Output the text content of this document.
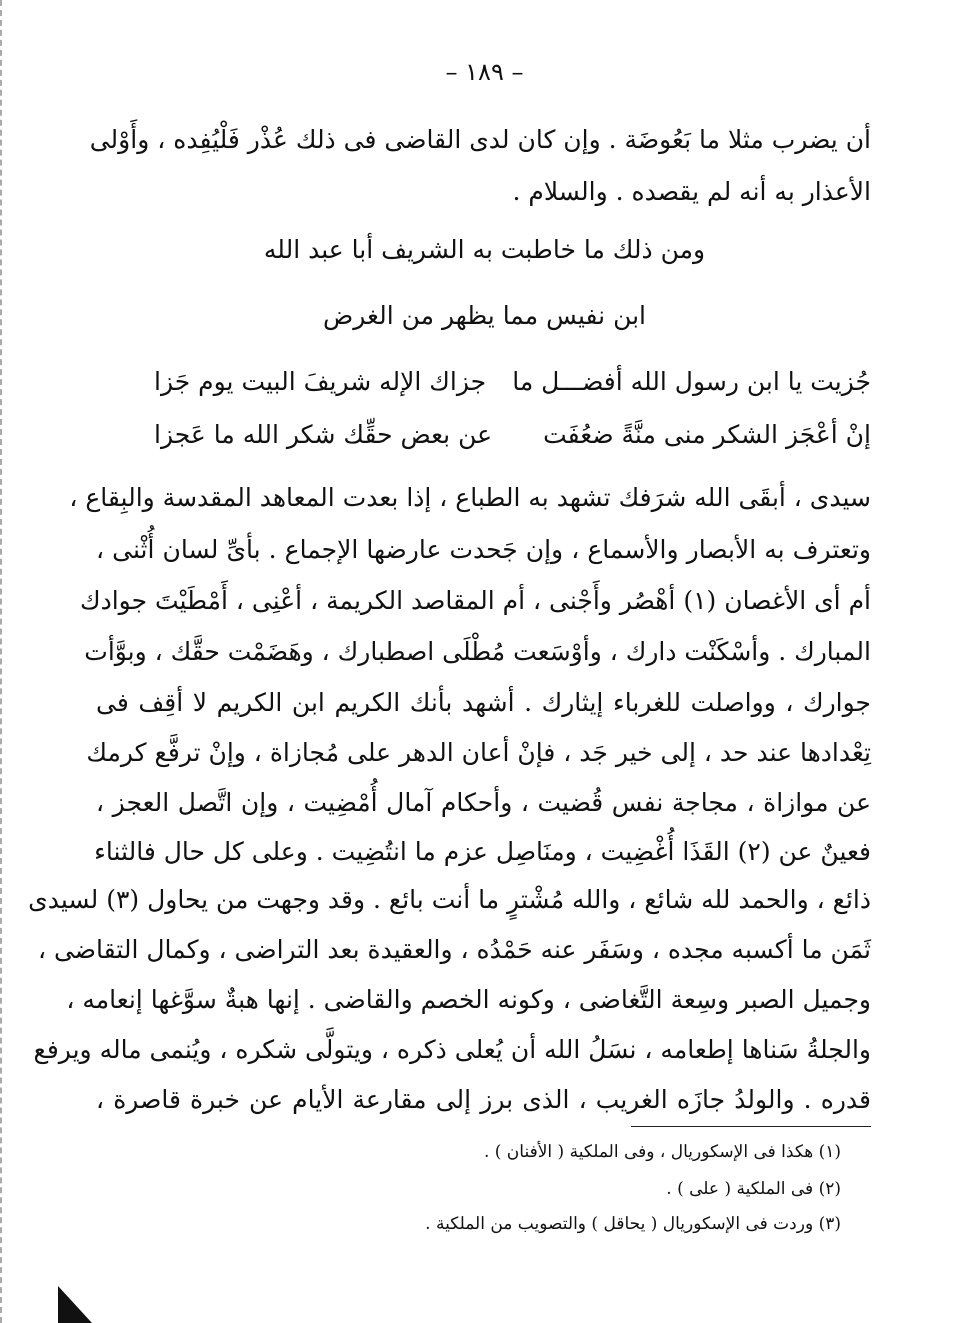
– ١٨٩ –
أن يضرب مثلا ما بَعُوضَة . وإن كان لدى القاضى فى ذلك عُذْر فَلْيُفِده ، وأَوْلى
الأعذار به أنه لم يقصده . والسلام .
ومن ذلك ما خاطبت به الشريف أبا عبد الله
ابن نفيس مما يظهر من الغرض
جُزيت يا ابن رسول الله أفضـــل ما
جزاك الإله شريفَ البيت يوم جَزا
إنْ أعْجَز الشكر منى منَّةً ضعُفَت
عن بعض حقِّك شكر الله ما عَجزا
سيدى ، أبقَى الله شرَفك تشهد به الطباع ، إذا بعدت المعاهد المقدسة والبِقاع ،
وتعترف به الأبصار والأسماع ، وإن جَحدت عارضها الإجماع . بأىِّ لسان أُثْنى ،
أم أى الأغصان (١) أهْصُر وأَجْنى ، أم المقاصد الكريمة ، أعْنِى ، أَمْطَيْتَ جوادك
المبارك . وأسْكَنْت دارك ، وأوْسَعت مُطْلَى اصطبارك ، وهَضَمْت حقَّك ، وبوَّأت
جوارك ، وواصلت للغرباء إيثارك . أشهد بأنك الكريم ابن الكريم لا أقِف فى
تِعْدادها عند حد ، إلى خير جَد ، فإنْ أعان الدهر على مُجازاة ، وإنْ ترفَّع كرمك
عن موازاة ، مجاجة نفس قُضيت ، وأحكام آمال أُمْضِيت ، وإن اتَّصل العجز ،
فعينٌ عن (٢) القَذَا أُغْضِيت ، ومنَاصِل عزم ما انتُضِيت . وعلى كل حال فالثناء
ذائع ، والحمد لله شائع ، والله مُشْترٍ ما أنت بائع . وقد وجهت من يحاول (٣) لسيدى
ثَمَن ما أكسبه مجده ، وسَفَر عنه حَمْدُه ، والعقيدة بعد التراضى ، وكمال التقاضى ،
وجميل الصبر وسِعة التَّغاضى ، وكونه الخصم والقاضى . إنها هبةٌ سوَّغها إنعامه ،
والجلةُ سَناها إطعامه ، نسَلُ الله أن يُعلى ذكره ، ويتولَّى شكره ، ويُنمى ماله ويرفع
قدره . والولدُ جازَه الغريب ، الذى برز إلى مقارعة الأيام عن خبرة قاصرة ،
(١) هكذا فى الإسكوريال ، وفى الملكية ( الأفنان ) .
(٢) فى الملكية ( على ) .
(٣) وردت فى الإسكوريال ( يحاقل ) والتصويب من الملكية .
